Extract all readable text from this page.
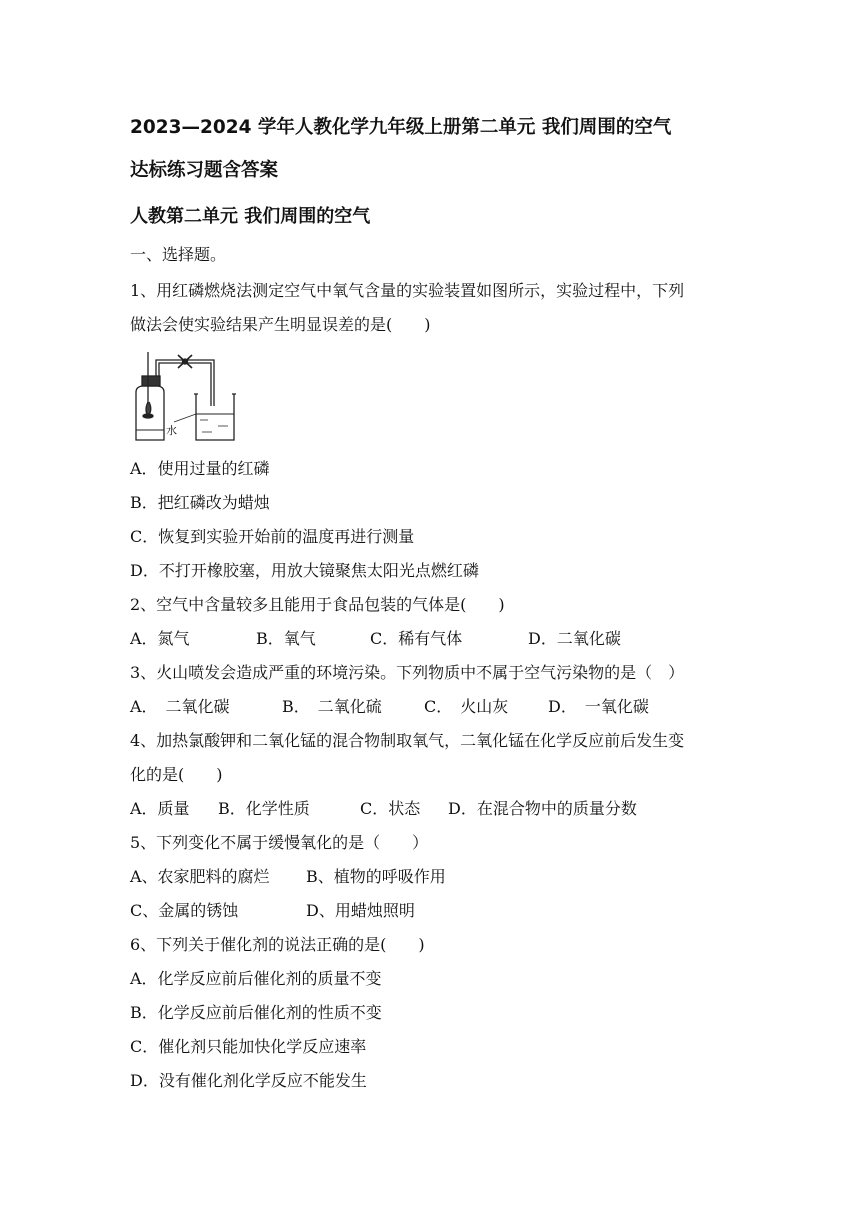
2023—2024 学年人教化学九年级上册第二单元 我们周围的空气
达标练习题含答案
人教第二单元 我们周围的空气
一、选择题。
1、用红磷燃烧法测定空气中氧气含量的实验装置如图所示，实验过程中，下列
做法会使实验结果产生明显误差的是(　　)
水
A．使用过量的红磷
B．把红磷改为蜡烛
C．恢复到实验开始前的温度再进行测量
D．不打开橡胶塞，用放大镜聚焦太阳光点燃红磷
2、空气中含量较多且能用于食品包装的气体是(　　)
A．氮气	B．氧气	C．稀有气体	D．二氧化碳
3、火山喷发会造成严重的环境污染。下列物质中不属于空气污染物的是（　）
A．　二氧化碳	B．　二氧化硫	C．　火山灰 D．　一氧化碳
4、加热氯酸钾和二氧化锰的混合物制取氧气，二氧化锰在化学反应前后发生变
化的是(　　)
A．质量 B．化学性质	C．状态 D．在混合物中的质量分数
5、下列变化不属于缓慢氧化的是（　　）
A、农家肥料的腐烂 B、植物的呼吸作用
C、金属的锈蚀	D、用蜡烛照明
6、下列关于催化剂的说法正确的是(　　)
A．化学反应前后催化剂的质量不变
B．化学反应前后催化剂的性质不变
C．催化剂只能加快化学反应速率
D．没有催化剂化学反应不能发生
